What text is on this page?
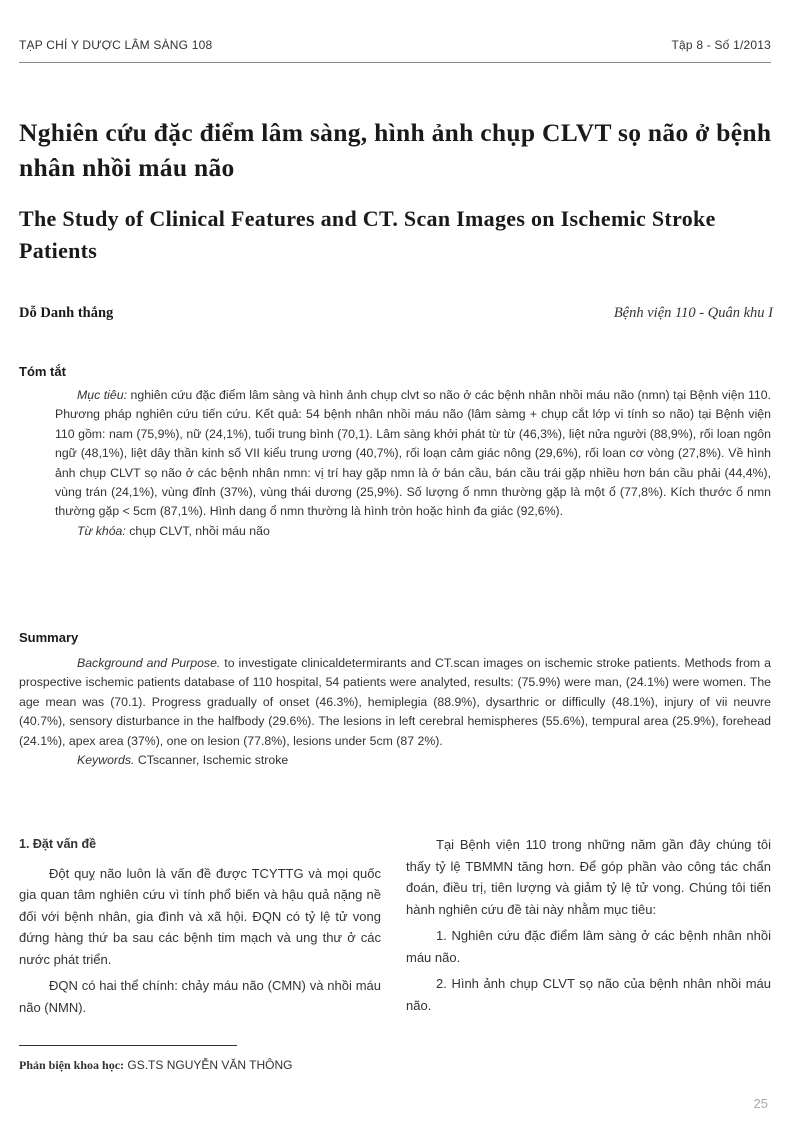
TẠP CHÍ Y DƯỢC LÂM SÀNG 108	Tập 8 - Số 1/2013
Nghiên cứu đặc điểm lâm sàng, hình ảnh chụp CLVT sọ não ở bệnh nhân nhồi máu não
The Study of Clinical Features and CT. Scan Images on Ischemic Stroke Patients
Dỗ Danh thắng	Bệnh viện 110 - Quân khu I
Tóm tắt

Mục tiêu: nghiên cứu đặc điểm lâm sàng và hình ảnh chụp clvt so não ở các bệnh nhân nhồi máu não (nmn) tại Bệnh viện 110. Phương pháp nghiên cứu tiến cứu. Kết quả: 54 bệnh nhân nhồi máu não (lâm sàmg + chụp cắt lớp vi tính so não) tại Bệnh viện 110 gồm: nam (75,9%), nữ (24,1%), tuổi trung bình (70,1). Lâm sàng khởi phát từ từ (46,3%), liệt nửa người (88,9%), rối loan ngôn ngữ (48,1%), liệt dây thần kinh số VII kiểu trung ương (40,7%), rối loạn cảm giác nông (29,6%), rối loan cơ vòng (27,8%). Về hình ảnh chụp CLVT sọ não ở các bệnh nhân nmn: vị trí hay gặp nmn là ở bán cầu, bán cầu trái gặp nhiều hơn bán cầu phải (44,4%), vùng trán (24,1%), vùng đỉnh (37%), vùng thái dương (25,9%). Số lượng ổ nmn thường gặp là một ổ (77,8%). Kích thước ổ nmn thường gặp < 5cm (87,1%). Hình dang ổ nmn thường là hình tròn hoặc hình đa giác (92,6%).

Từ khóa: chụp CLVT, nhồi máu não

Summary

Background and Purpose. to investigate clinicaldetermirants and CT.scan images on ischemic stroke patients. Methods from a prospective ischemic patients database of 110 hospital, 54 patients were analyted, results: (75.9%) were man, (24.1%) were women. The age mean was (70.1). Progress gradually of onset (46.3%), hemiplegia (88.9%), dysarthric or difficully (48.1%), injury of vii neuvre (40.7%), sensory disturbance in the halfbody (29.6%). The lesions in left cerebral hemispheres (55.6%), tempural area (25.9%), forehead (24.1%), apex area (37%), one on lesion (77.8%), lesions under 5cm (87 2%).

Keywords. CTscanner, Ischemic stroke

1. Đặt vấn đề

Đột quỵ não luôn là vấn đề được TCYTTG và mọi quốc gia quan tâm nghiên cứu vì tính phổ biến và hậu quả nặng nề đối với bệnh nhân, gia đình và xã hội. ĐQN có tỷ lệ tử vong đứng hàng thứ ba sau các bệnh tim mạch và ung thư ở các nước phát triển.

ĐQN có hai thể chính: chảy máu não (CMN) và nhồi máu não (NMN).

Tại Bệnh viện 110 trong những năm gần đây chúng tôi thấy tỷ lệ TBMMN tăng hơn. Để góp phần vào công tác chẩn đoán, điều trị, tiên lượng và giảm tỷ lệ tử vong. Chúng tôi tiến hành nghiên cứu đề tài này nhằm mục tiêu:

1. Nghiên cứu đặc điểm lâm sàng ở các bệnh nhân nhồi máu não.

2. Hình ảnh chụp CLVT sọ não của bệnh nhân nhồi máu não.

Phản biện khoa học: GS.TS NGUYỄN VĂN THÔNG
25
